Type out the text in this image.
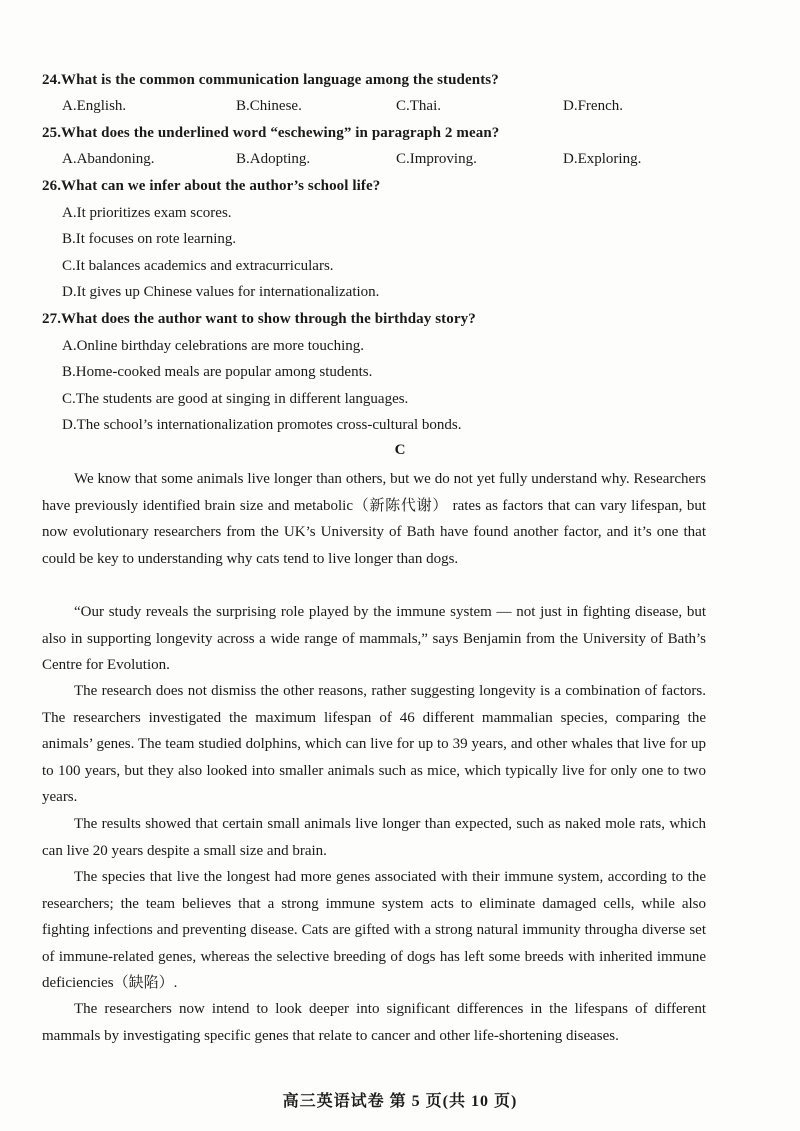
24.What is the common communication language among the students?
A.English.	B.Chinese.	C.Thai.	D.French.
25.What does the underlined word “eschewing” in paragraph 2 mean?
A.Abandoning.	B.Adopting.	C.Improving.	D.Exploring.
26.What can we infer about the author’s school life?
A.It prioritizes exam scores.
B.It focuses on rote learning.
C.It balances academics and extracurriculars.
D.It gives up Chinese values for internationalization.
27.What does the author want to show through the birthday story?
A.Online birthday celebrations are more touching.
B.Home-cooked meals are popular among students.
C.The students are good at singing in different languages.
D.The school’s internationalization promotes cross-cultural bonds.
C
We know that some animals live longer than others, but we do not yet fully understand why. Researchers have previously identified brain size and metabolic（新陈代谢） rates as factors that can vary lifespan, but now evolutionary researchers from the UK’s University of Bath have found another factor, and it’s one that could be key to understanding why cats tend to live longer than dogs.
“Our study reveals the surprising role played by the immune system — not just in fighting disease, but also in supporting longevity across a wide range of mammals,” says Benjamin from the University of Bath’s Centre for Evolution.
The research does not dismiss the other reasons, rather suggesting longevity is a combination of factors. The researchers investigated the maximum lifespan of 46 different mammalian species, comparing the animals’ genes. The team studied dolphins, which can live for up to 39 years, and other whales that live for up to 100 years, but they also looked into smaller animals such as mice, which typically live for only one to two years.
The results showed that certain small animals live longer than expected, such as naked mole rats, which can live 20 years despite a small size and brain.
The species that live the longest had more genes associated with their immune system, according to the researchers; the team believes that a strong immune system acts to eliminate damaged cells, while also fighting infections and preventing disease. Cats are gifted with a strong natural immunity througha diverse set of immune-related genes, whereas the selective breeding of dogs has left some breeds with inherited immune deficiencies（缺陷）.
The researchers now intend to look deeper into significant differences in the lifespans of different mammals by investigating specific genes that relate to cancer and other life-shortening diseases.
高三英语试卷 第 5 页(共 10 页)
